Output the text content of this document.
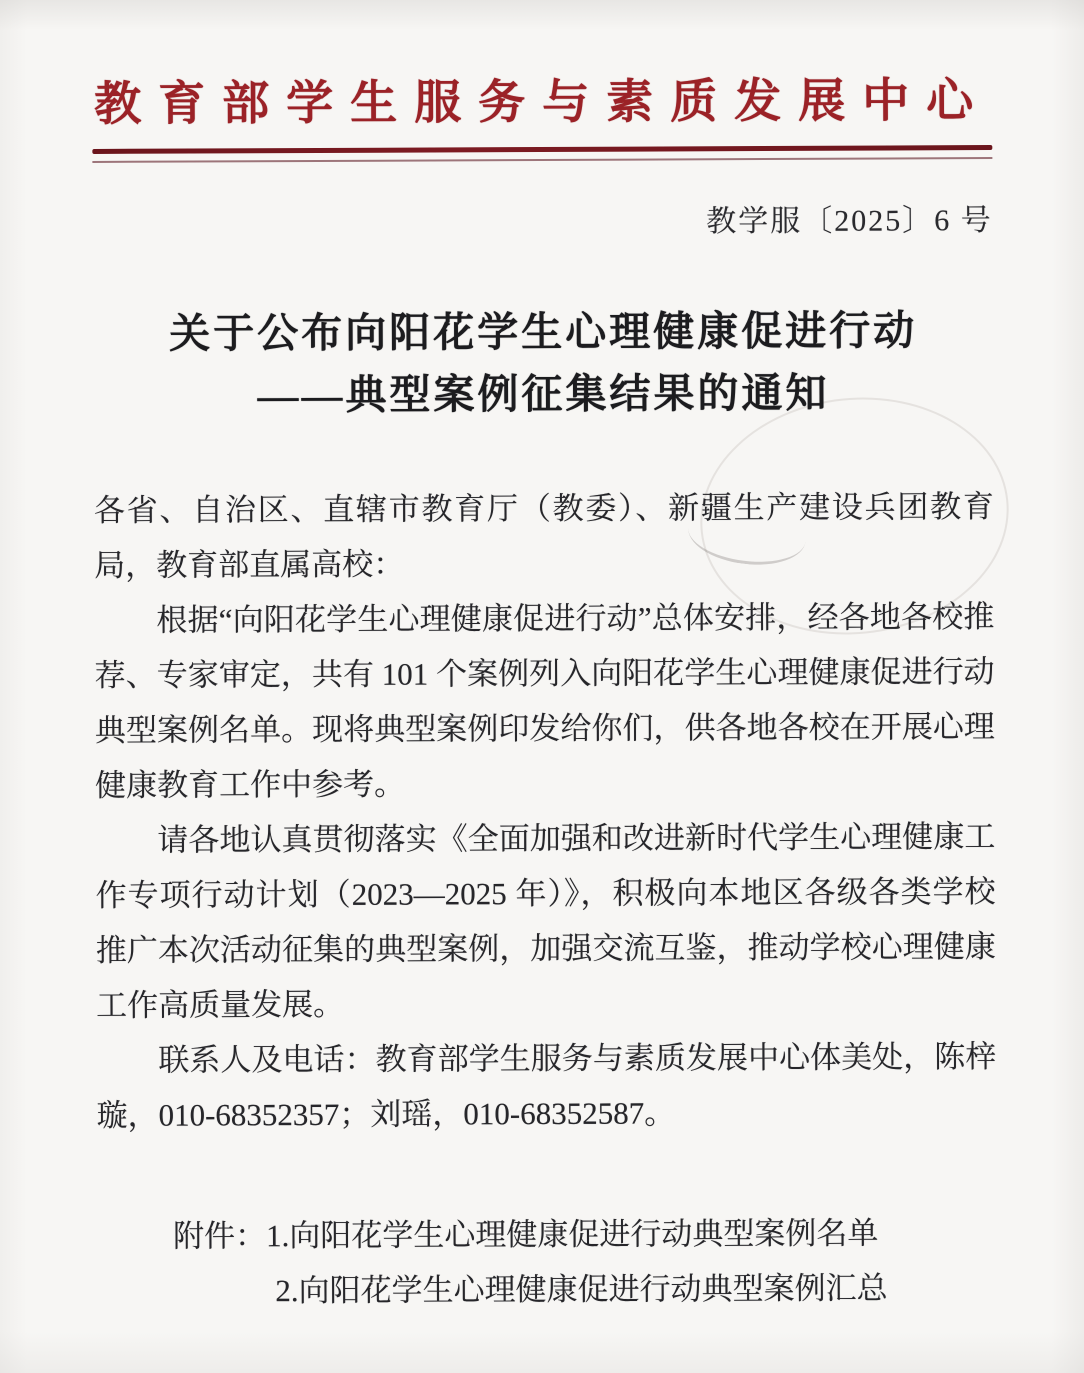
教育部学生服务与素质发展中心
教学服〔2025〕6 号
关于公布向阳花学生心理健康促进行动
——典型案例征集结果的通知

各省、自治区、直辖市教育厅（教委）、新疆生产建设兵团教育局，教育部直属高校：

根据“向阳花学生心理健康促进行动”总体安排，经各地各校推荐、专家审定，共有 101 个案例列入向阳花学生心理健康促进行动典型案例名单。现将典型案例印发给你们，供各地各校在开展心理健康教育工作中参考。

请各地认真贯彻落实《全面加强和改进新时代学生心理健康工作专项行动计划（2023—2025 年）》，积极向本地区各级各类学校推广本次活动征集的典型案例，加强交流互鉴，推动学校心理健康工作高质量发展。

联系人及电话：教育部学生服务与素质发展中心体美处，陈梓璇，010-68352357；刘瑶，010-68352587。

附件：1.向阳花学生心理健康促进行动典型案例名单
2.向阳花学生心理健康促进行动典型案例汇总
